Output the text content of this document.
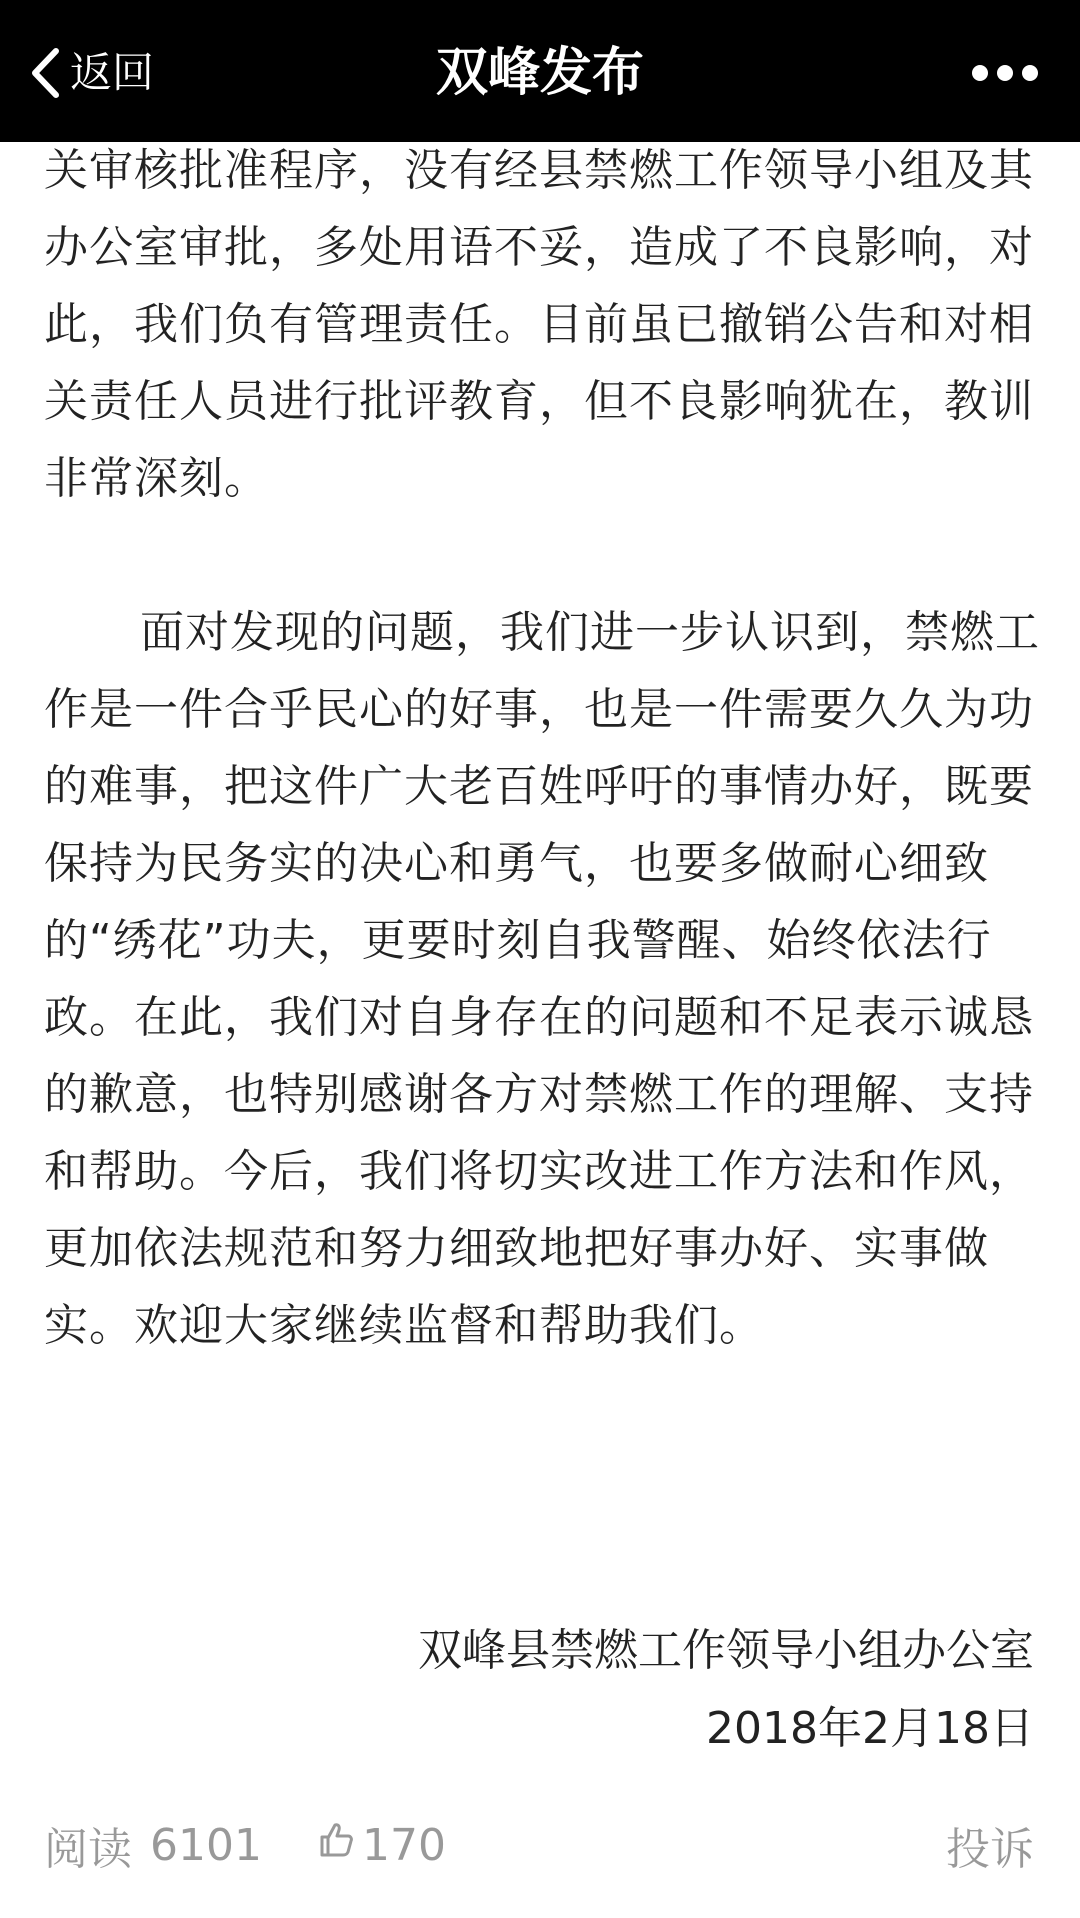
返回	双峰发布

关审核批准程序，没有经县禁燃工作领导小组及其办公室审批，多处用语不妥，造成了不良影响，对此，我们负有管理责任。目前虽已撤销公告和对相关责任人员进行批评教育，但不良影响犹在，教训非常深刻。

面对发现的问题，我们进一步认识到，禁燃工作是一件合乎民心的好事，也是一件需要久久为功的难事，把这件广大老百姓呼吁的事情办好，既要保持为民务实的决心和勇气，也要多做耐心细致的“绣花”功夫，更要时刻自我警醒、始终依法行政。在此，我们对自身存在的问题和不足表示诚恳的歉意，也特别感谢各方对禁燃工作的理解、支持和帮助。今后，我们将切实改进工作方法和作风，更加依法规范和努力细致地把好事办好、实事做实。欢迎大家继续监督和帮助我们。

双峰县禁燃工作领导小组办公室
2018年2月18日
阅读 6101 170	投诉
